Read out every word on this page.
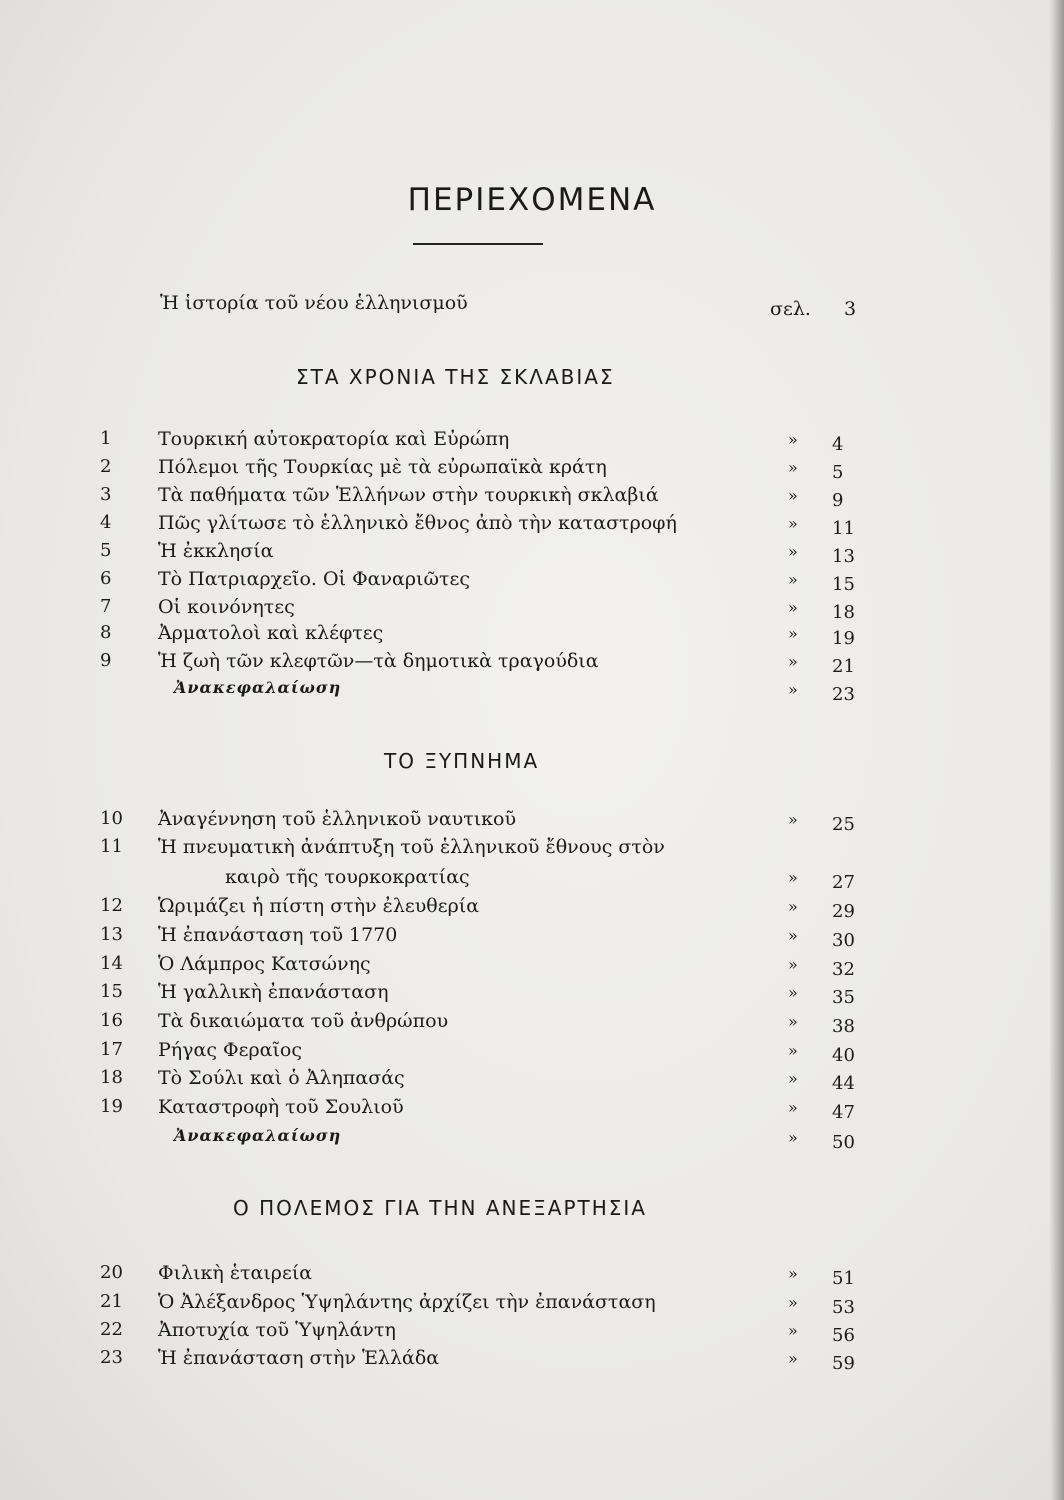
ΠΕΡΙΕΧΟΜΕΝΑ
Ἡ ἱστορία τοῦ νέου ἑλληνισμοῦ	σελ. 3
ΣΤΑ ΧΡΟΝΙΑ ΤΗΣ ΣΚΛΑΒΙΑΣ
1	Τουρκική αὐτοκρατορία καὶ Εὐρώπη	» 4
2	Πόλεμοι τῆς Τουρκίας μὲ τὰ εὐρωπαϊκὰ κράτη	» 5
3	Τὰ παθήματα τῶν Ἑλλήνων στὴν τουρκικὴ σκλαβιά	» 9
4	Πῶς γλίτωσε τὸ ἑλληνικὸ ἔθνος ἀπὸ τὴν καταστροφή	» 11
5	Ἡ ἐκκλησία	» 13
6	Τὸ Πατριαρχεῖο. Οἱ Φαναριῶτες	» 15
7	Οἱ κοινόνητες	» 18
8	Ἀρματολοὶ καὶ κλέφτες	» 19
9	Ἡ ζωὴ τῶν κλεφτῶν—τὰ δημοτικὰ τραγούδια	» 21
Ἀνακεφαλαίωση	» 23
ΤΟ ΞΥΠΝΗΜΑ
10	Ἀναγέννηση τοῦ ἑλληνικοῦ ναυτικοῦ	» 25
11	Ἡ πνευματικὴ ἀνάπτυξη τοῦ ἑλληνικοῦ ἔθνους στὸν
καιρὸ τῆς τουρκοκρατίας	» 27
12	Ὡριμάζει ἡ πίστη στὴν ἐλευθερία	» 29
13	Ἡ ἐπανάσταση τοῦ 1770	» 30
14	Ὁ Λάμπρος Κατσώνης	» 32
15	Ἡ γαλλικὴ ἐπανάσταση	» 35
16	Τὰ δικαιώματα τοῦ ἀνθρώπου	» 38
17	Ρήγας Φεραῖος	» 40
18	Τὸ Σούλι καὶ ὁ Ἀληπασάς	» 44
19	Καταστροφὴ τοῦ Σουλιοῦ	» 47
Ἀνακεφαλαίωση	» 50
Ο ΠΟΛΕΜΟΣ ΓΙΑ ΤΗΝ ΑΝΕΞΑΡΤΗΣΙΑ
20	Φιλικὴ ἑταιρεία	» 51
21	Ὁ Ἀλέξανδρος Ὑψηλάντης ἀρχίζει τὴν ἐπανάσταση	» 53
22	Ἀποτυχία τοῦ Ὑψηλάντη	» 56
23	Ἡ ἐπανάσταση στὴν Ἑλλάδα	» 59
